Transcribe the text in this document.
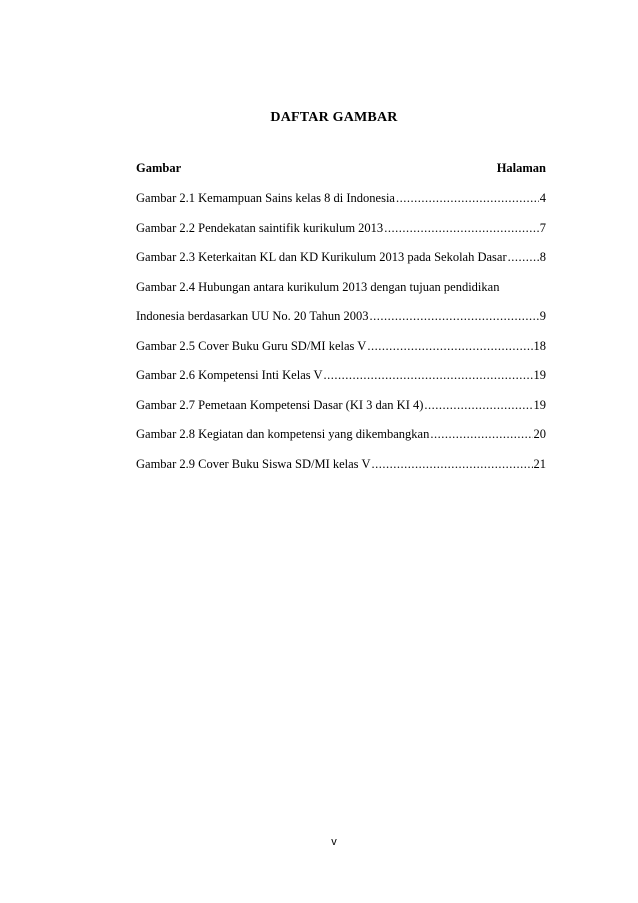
DAFTAR GAMBAR
Gambar	Halaman
Gambar 2.1 Kemampuan Sains kelas 8 di Indonesia .....	4
Gambar 2.2 Pendekatan saintifik kurikulum 2013 .....	7
Gambar 2.3 Keterkaitan KL dan KD Kurikulum 2013 pada Sekolah Dasar .....	8
Gambar 2.4 Hubungan antara kurikulum 2013 dengan tujuan pendidikan
Indonesia berdasarkan UU No. 20 Tahun 2003 .....	9
Gambar 2.5 Cover Buku Guru SD/MI kelas V .....	18
Gambar 2.6 Kompetensi Inti Kelas V .....	19
Gambar 2.7 Pemetaan Kompetensi Dasar (KI 3 dan KI 4) .....	19
Gambar 2.8 Kegiatan dan kompetensi yang dikembangkan .....	20
Gambar 2.9 Cover Buku Siswa SD/MI kelas V .....	21
v
